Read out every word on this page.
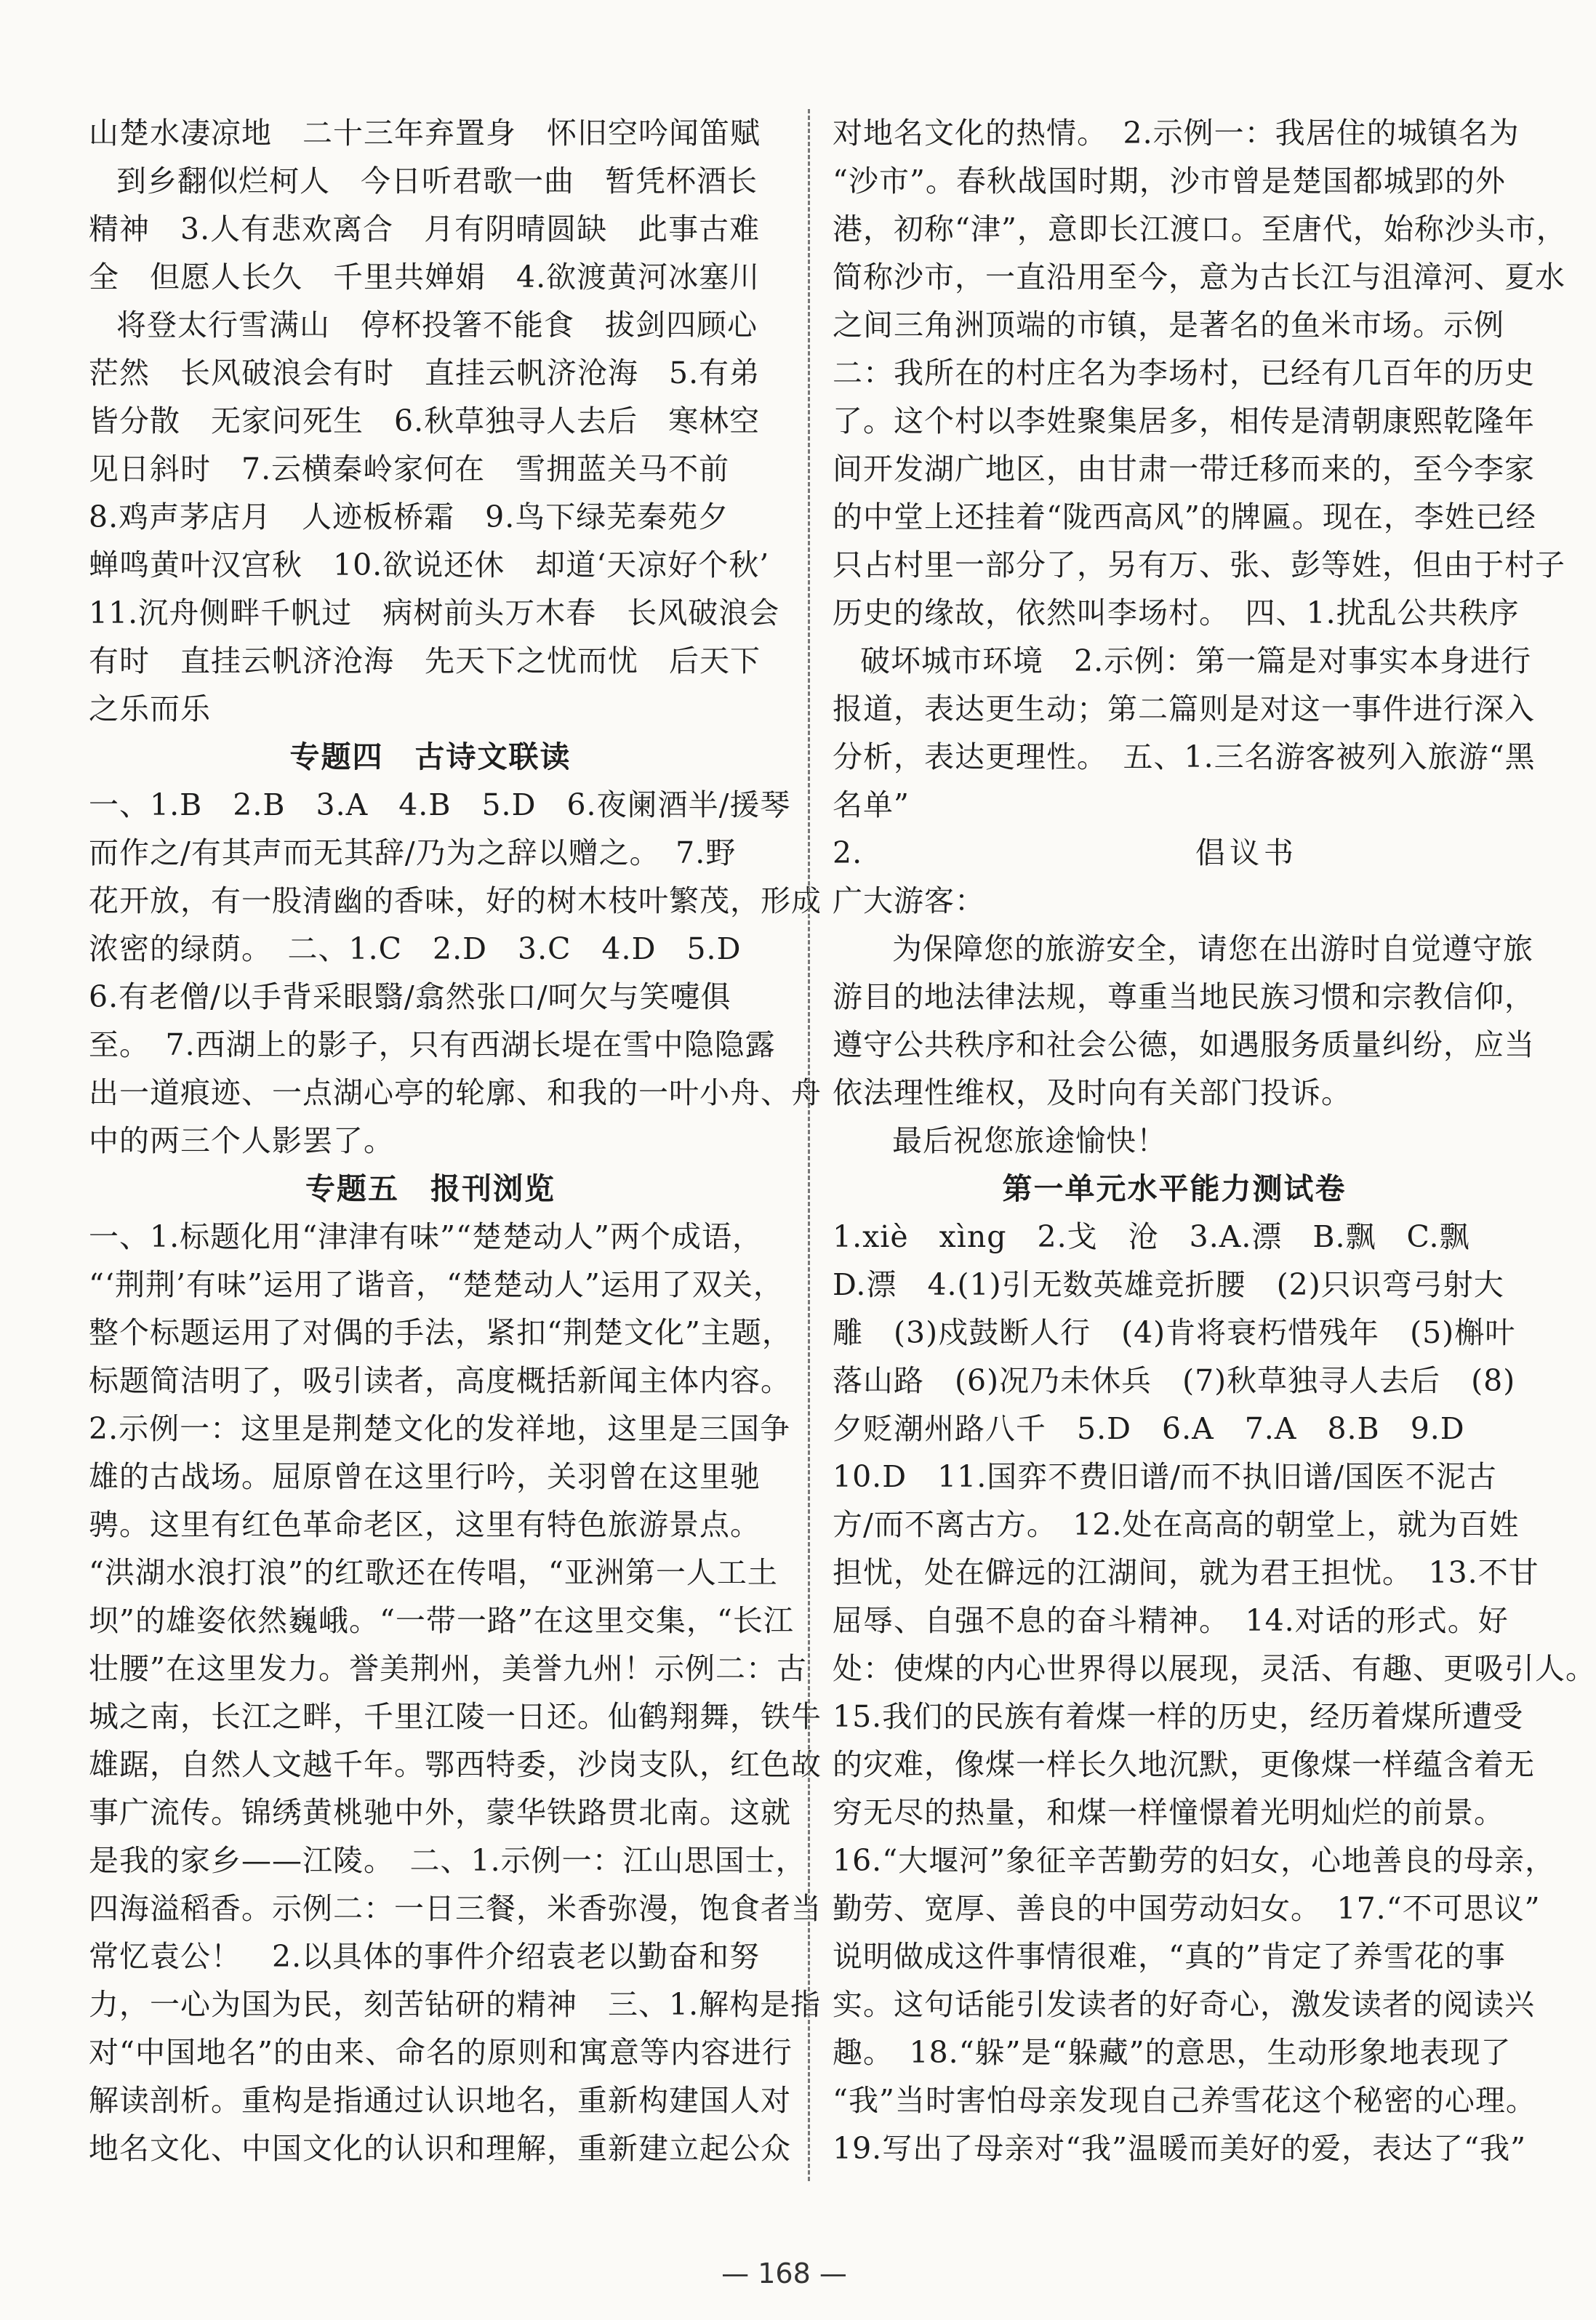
山楚水凄凉地　二十三年弃置身　怀旧空吟闻笛赋
到乡翻似烂柯人　今日听君歌一曲　暂凭杯酒长
精神　3.人有悲欢离合　月有阴晴圆缺　此事古难
全　但愿人长久　千里共婵娟　4.欲渡黄河冰塞川
将登太行雪满山　停杯投箸不能食　拔剑四顾心
茫然　长风破浪会有时　直挂云帆济沧海　5.有弟
皆分散　无家问死生　6.秋草独寻人去后　寒林空
见日斜时　7.云横秦岭家何在　雪拥蓝关马不前
8.鸡声茅店月　人迹板桥霜　9.鸟下绿芜秦苑夕
蝉鸣黄叶汉宫秋　10.欲说还休　却道‘天凉好个秋’
11.沉舟侧畔千帆过　病树前头万木春　长风破浪会
有时　直挂云帆济沧海　先天下之忧而忧　后天下
之乐而乐
专题四　古诗文联读
一、1.B　2.B　3.A　4.B　5.D　6.夜阑酒半/援琴
而作之/有其声而无其辞/乃为之辞以赠之。　7.野
花开放，有一股清幽的香味，好的树木枝叶繁茂，形成
浓密的绿荫。　二、1.C　2.D　3.C　4.D　5.D
6.有老僧/以手背采眼翳/翕然张口/呵欠与笑嚏俱
至。　7.西湖上的影子，只有西湖长堤在雪中隐隐露
出一道痕迹、一点湖心亭的轮廓、和我的一叶小舟、舟
中的两三个人影罢了。
专题五　报刊浏览
一、1.标题化用“津津有味”“楚楚动人”两个成语，
“‘荆荆’有味”运用了谐音，“楚楚动人”运用了双关，
整个标题运用了对偶的手法，紧扣“荆楚文化”主题，
标题简洁明了，吸引读者，高度概括新闻主体内容。
2.示例一：这里是荆楚文化的发祥地，这里是三国争
雄的古战场。屈原曾在这里行吟，关羽曾在这里驰
骋。这里有红色革命老区，这里有特色旅游景点。
“洪湖水浪打浪”的红歌还在传唱，“亚洲第一人工土
坝”的雄姿依然巍峨。“一带一路”在这里交集，“长江
壮腰”在这里发力。誉美荆州，美誉九州！示例二：古
城之南，长江之畔，千里江陵一日还。仙鹤翔舞，铁牛
雄踞，自然人文越千年。鄂西特委，沙岗支队，红色故
事广流传。锦绣黄桃驰中外，蒙华铁路贯北南。这就
是我的家乡——江陵。　二、1.示例一：江山思国士，
四海溢稻香。示例二：一日三餐，米香弥漫，饱食者当
常忆袁公！　2.以具体的事件介绍袁老以勤奋和努
力，一心为国为民，刻苦钻研的精神　三、1.解构是指
对“中国地名”的由来、命名的原则和寓意等内容进行
解读剖析。重构是指通过认识地名，重新构建国人对
地名文化、中国文化的认识和理解，重新建立起公众
对地名文化的热情。　2.示例一：我居住的城镇名为
“沙市”。春秋战国时期，沙市曾是楚国都城郢的外
港，初称“津”，意即长江渡口。至唐代，始称沙头市，
简称沙市，一直沿用至今，意为古长江与沮漳河、夏水
之间三角洲顶端的市镇，是著名的鱼米市场。示例
二：我所在的村庄名为李场村，已经有几百年的历史
了。这个村以李姓聚集居多，相传是清朝康熙乾隆年
间开发湖广地区，由甘肃一带迁移而来的，至今李家
的中堂上还挂着“陇西高风”的牌匾。现在，李姓已经
只占村里一部分了，另有万、张、彭等姓，但由于村子
历史的缘故，依然叫李场村。　四、1.扰乱公共秩序
破坏城市环境　2.示例：第一篇是对事实本身进行
报道，表达更生动；第二篇则是对这一事件进行深入
分析，表达更理性。　五、1.三名游客被列入旅游“黑
名单”
2.	倡议书
广大游客：
为保障您的旅游安全，请您在出游时自觉遵守旅
游目的地法律法规，尊重当地民族习惯和宗教信仰，
遵守公共秩序和社会公德，如遇服务质量纠纷，应当
依法理性维权，及时向有关部门投诉。
最后祝您旅途愉快！
第一单元水平能力测试卷
1.xiè　xìng　2.戈　沧　3.A.漂　B.飘　C.飘
D.漂　4.(1)引无数英雄竞折腰　(2)只识弯弓射大
雕　(3)戍鼓断人行　(4)肯将衰朽惜残年　(5)槲叶
落山路　(6)况乃未休兵　(7)秋草独寻人去后　(8)
夕贬潮州路八千　5.D　6.A　7.A　8.B　9.D
10.D　11.国弈不费旧谱/而不执旧谱/国医不泥古
方/而不离古方。　12.处在高高的朝堂上，就为百姓
担忧，处在僻远的江湖间，就为君王担忧。　13.不甘
屈辱、自强不息的奋斗精神。　14.对话的形式。好
处：使煤的内心世界得以展现，灵活、有趣、更吸引人。
15.我们的民族有着煤一样的历史，经历着煤所遭受
的灾难，像煤一样长久地沉默，更像煤一样蕴含着无
穷无尽的热量，和煤一样憧憬着光明灿烂的前景。
16.“大堰河”象征辛苦勤劳的妇女，心地善良的母亲，
勤劳、宽厚、善良的中国劳动妇女。　17.“不可思议”
说明做成这件事情很难，“真的”肯定了养雪花的事
实。这句话能引发读者的好奇心，激发读者的阅读兴
趣。　18.“躲”是“躲藏”的意思，生动形象地表现了
“我”当时害怕母亲发现自己养雪花这个秘密的心理。
19.写出了母亲对“我”温暖而美好的爱，表达了“我”
— 168 —
